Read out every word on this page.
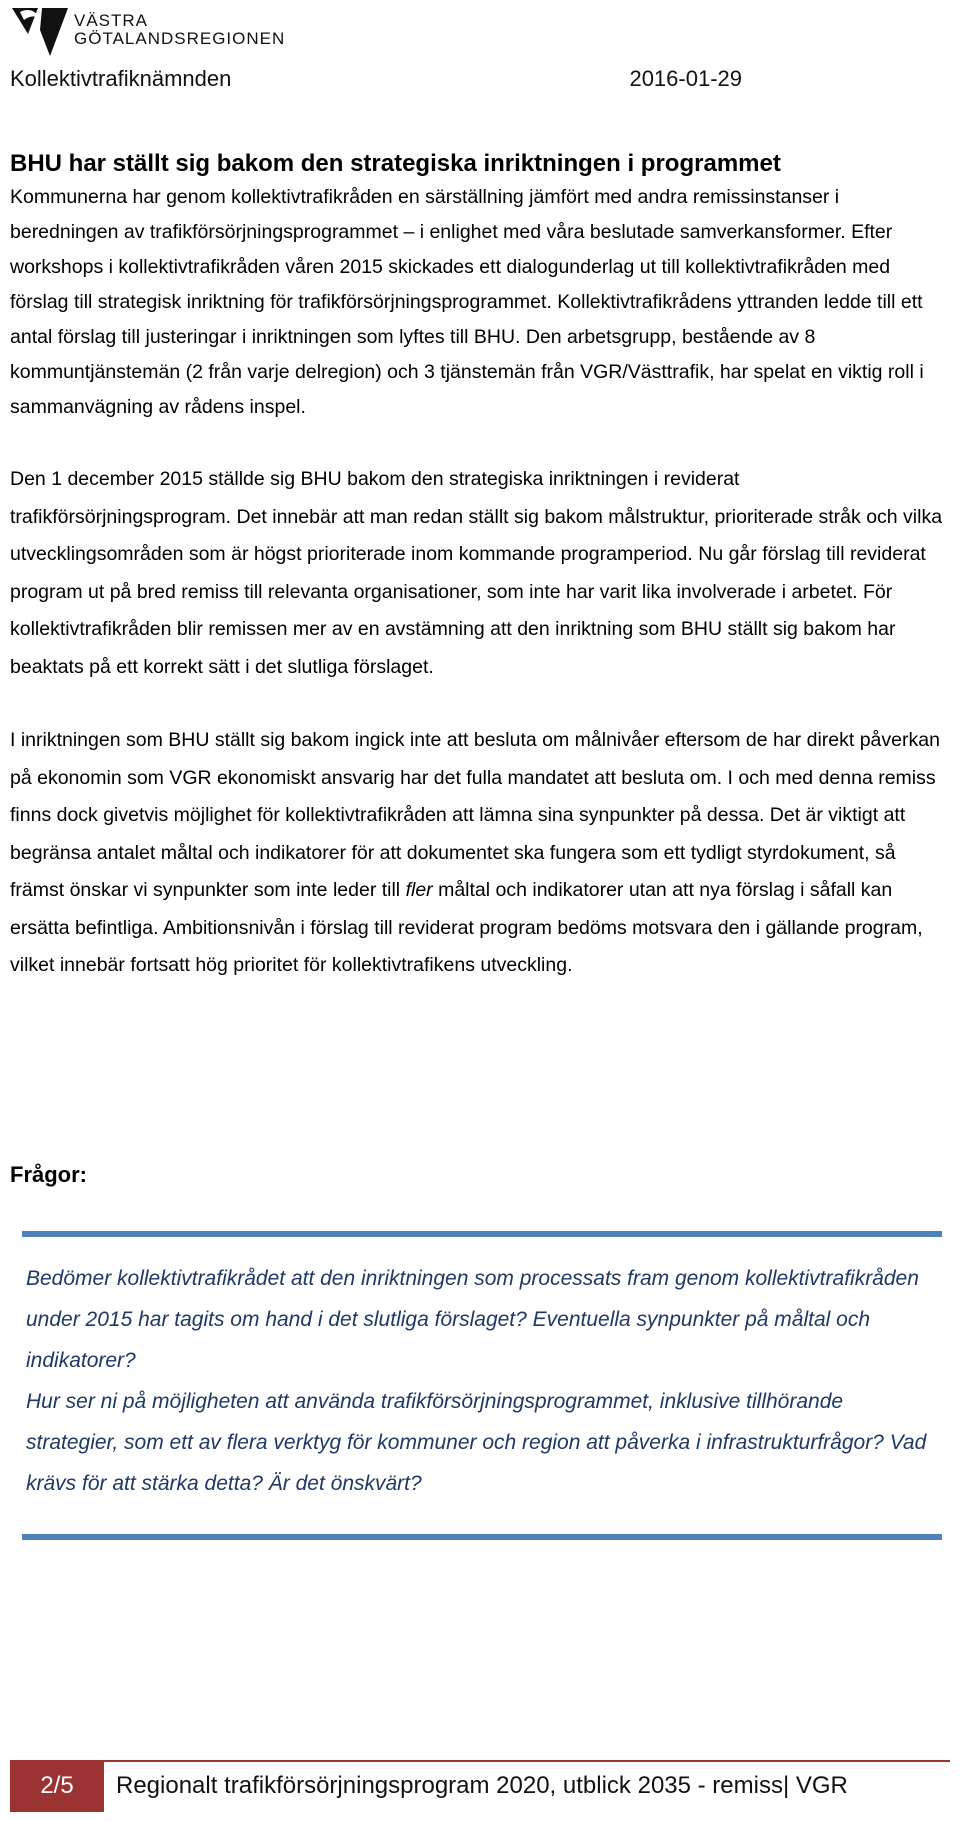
VÄSTRA
GÖTALANDSREGIONEN
Kollektivtrafiknämnden	2016-01-29
BHU har ställt sig bakom den strategiska inriktningen i programmet

Kommunerna har genom kollektivtrafikråden en särställning jämfört med andra remissinstanser i beredningen av trafikförsörjningsprogrammet – i enlighet med våra beslutade samverkansformer. Efter workshops i kollektivtrafikråden våren 2015 skickades ett dialogunderlag ut till kollektivtrafikråden med förslag till strategisk inriktning för trafikförsörjningsprogrammet. Kollektivtrafikrådens yttranden ledde till ett antal förslag till justeringar i inriktningen som lyftes till BHU. Den arbetsgrupp, bestående av 8 kommuntjänstemän (2 från varje delregion) och 3 tjänstemän från VGR/Västtrafik, har spelat en viktig roll i sammanvägning av rådens inspel.

Den 1 december 2015 ställde sig BHU bakom den strategiska inriktningen i reviderat trafikförsörjningsprogram. Det innebär att man redan ställt sig bakom målstruktur, prioriterade stråk och vilka utvecklingsområden som är högst prioriterade inom kommande programperiod. Nu går förslag till reviderat program ut på bred remiss till relevanta organisationer, som inte har varit lika involverade i arbetet. För kollektivtrafikråden blir remissen mer av en avstämning att den inriktning som BHU ställt sig bakom har beaktats på ett korrekt sätt i det slutliga förslaget.

I inriktningen som BHU ställt sig bakom ingick inte att besluta om målnivåer eftersom de har direkt påverkan på ekonomin som VGR ekonomiskt ansvarig har det fulla mandatet att besluta om. I och med denna remiss finns dock givetvis möjlighet för kollektivtrafikråden att lämna sina synpunkter på dessa. Det är viktigt att begränsa antalet måltal och indikatorer för att dokumentet ska fungera som ett tydligt styrdokument, så främst önskar vi synpunkter som inte leder till fler måltal och indikatorer utan att nya förslag i såfall kan ersätta befintliga. Ambitionsnivån i förslag till reviderat program bedöms motsvara den i gällande program, vilket innebär fortsatt hög prioritet för kollektivtrafikens utveckling.

Frågor:

Bedömer kollektivtrafikrådet att den inriktningen som processats fram genom kollektivtrafikråden under 2015 har tagits om hand i det slutliga förslaget? Eventuella synpunkter på måltal och indikatorer?

Hur ser ni på möjligheten att använda trafikförsörjningsprogrammet, inklusive tillhörande strategier, som ett av flera verktyg för kommuner och region att påverka i infrastrukturfrågor? Vad krävs för att stärka detta? Är det önskvärt?

2/5	Regionalt trafikförsörjningsprogram 2020, utblick 2035 - remiss| VGR
